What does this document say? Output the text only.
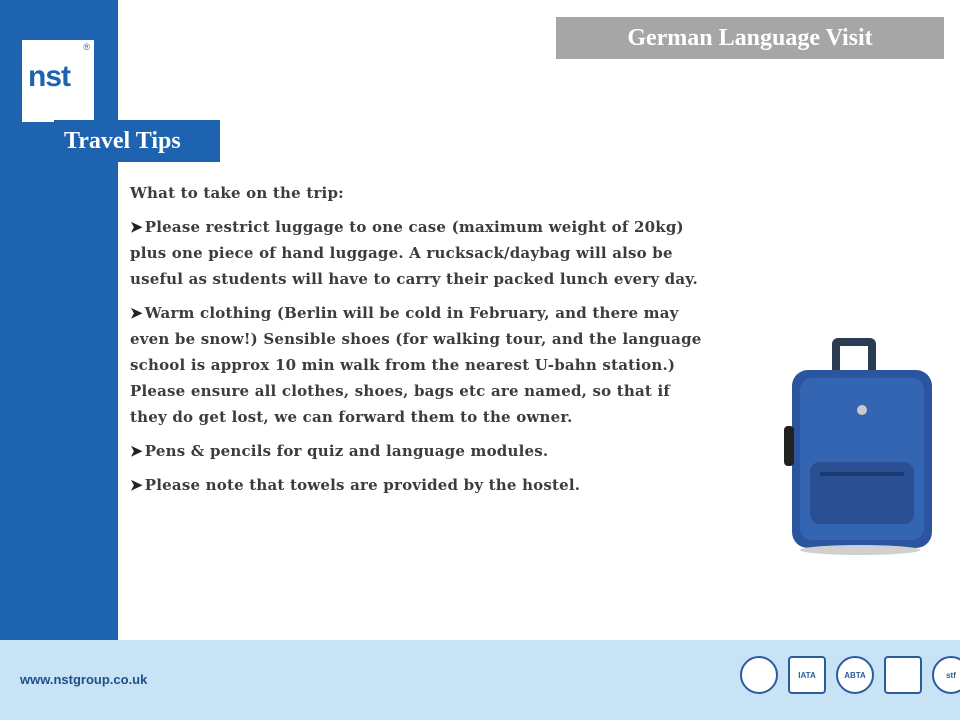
®
nst
German Language Visit
Travel Tips

What to take on the trip:

➤ Please restrict luggage to one case (maximum weight of 20kg) plus one piece of hand luggage. A rucksack/daybag will also be useful as students will have to carry their packed lunch every day.

➤ Warm clothing (Berlin will be cold in February, and there may even be snow!) Sensible shoes (for walking tour, and the language school is approx 10 min walk from the nearest U-bahn station.) Please ensure all clothes, shoes, bags etc are named, so that if they do get lost, we can forward them to the owner.

➤ Pens & pencils for quiz and language modules.

➤ Please note that towels are provided by the hostel.

www.nstgroup.co.uk	IATA	ABTA	stf
